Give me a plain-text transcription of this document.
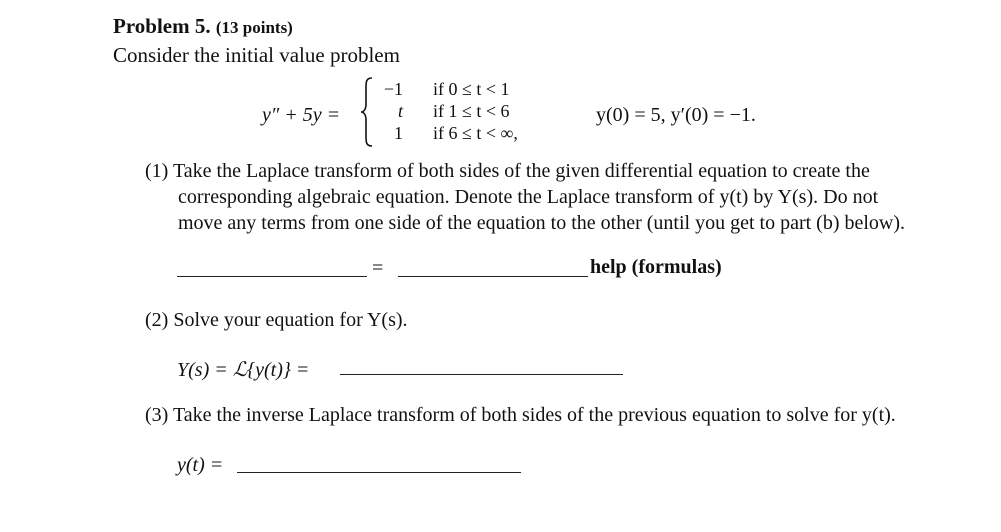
Problem 5. (13 points)
Consider the initial value problem
y″ + 5y =
−1 if 0 ≤ t < 1
t if 1 ≤ t < 6
1 if 6 ≤ t < ∞,
y(0) = 5, y′(0) = −1.
(1) Take the Laplace transform of both sides of the given differential equation to create the
corresponding algebraic equation. Denote the Laplace transform of y(t) by Y(s). Do not
move any terms from one side of the equation to the other (until you get to part (b) below).
=	help (formulas)
(2) Solve your equation for Y(s).
Y(s) = ℒ{y(t)} =
(3) Take the inverse Laplace transform of both sides of the previous equation to solve for y(t).
y(t) =
